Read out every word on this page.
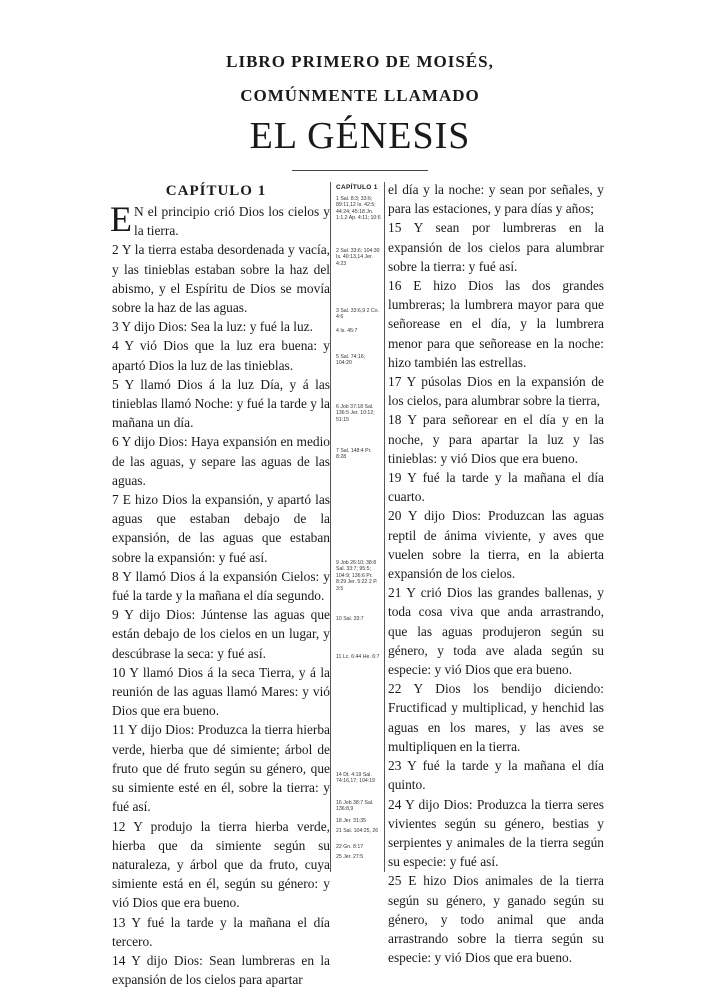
LIBRO PRIMERO DE MOISÉS,
COMÚNMENTE LLAMADO
EL GÉNESIS
CAPÍTULO 1

E N el principio crió Dios los cielos y la tierra.

2 Y la tierra estaba desordenada y vacía, y las tinieblas estaban sobre la haz del abismo, y el Espíritu de Dios se movía sobre la haz de las aguas.

3 Y dijo Dios: Sea la luz: y fué la luz.

4 Y vió Dios que la luz era buena: y apartó Dios la luz de las tinieblas.

5 Y llamó Dios á la luz Día, y á las tinieblas llamó Noche: y fué la tarde y la mañana un día.

6 Y dijo Dios: Haya expansión en medio de las aguas, y separe las aguas de las aguas.

7 E hizo Dios la expansión, y apartó las aguas que estaban debajo de la expansión, de las aguas que estaban sobre la expansión: y fué así.

8 Y llamó Dios á la expansión Cielos: y fué la tarde y la mañana el día segundo.

9 Y dijo Dios: Júntense las aguas que están debajo de los cielos en un lugar, y descúbrase la seca: y fué así.

10 Y llamó Dios á la seca Tierra, y á la reunión de las aguas llamó Mares: y vió Dios que era bueno.

11 Y dijo Dios: Produzca la tierra hierba verde, hierba que dé simiente; árbol de fruto que dé fruto según su género, que su simiente esté en él, sobre la tierra: y fué así.

12 Y produjo la tierra hierba verde, hierba que da simiente según su naturaleza, y árbol que da fruto, cuya simiente está en él, según su género: y vió Dios que era bueno.

13 Y fué la tarde y la mañana el día tercero.

14 Y dijo Dios: Sean lumbreras en la expansión de los cielos para apartar

CAPÍTULO 1
1 Sal. 8:3; 33:6; 89:11,12 Is. 42:5; 44:24; 45:18 Jn. 1:1,2 Ap. 4:11; 10:6
2 Sal. 33:6; 104:30 Is. 40:13,14 Jer. 4:23
3 Sal. 33:6,9 2 Co. 4:6
4 Is. 45:7
5 Sal. 74:16; 104:20
6 Job 37:18 Sal. 136:5 Jer. 10:12; 51:15
7 Sal. 148:4 Pr. 8:28
9 Job 26:10; 38:8 Sal. 33:7; 95:5; 104:9; 136:6 Pr. 8:29 Jer. 5:22 2 P. 3:5
10 Sal. 33:7
11 Lc. 6:44 He. 6:7
14 Dt. 4:19 Sal. 74:16,17; 104:19
16 Job 38:7 Sal. 136:8,9
18 Jer. 31:35
21 Sal. 104:25, 26
22 Gn. 8:17
25 Jer. 27:5

el día y la noche: y sean por señales, y para las estaciones, y para días y años;

15 Y sean por lumbreras en la expansión de los cielos para alumbrar sobre la tierra: y fué así.

16 E hizo Dios las dos grandes lumbreras; la lumbrera mayor para que señorease en el día, y la lumbrera menor para que señorease en la noche: hizo también las estrellas.

17 Y púsolas Dios en la expansión de los cielos, para alumbrar sobre la tierra,

18 Y para señorear en el día y en la noche, y para apartar la luz y las tinieblas: y vió Dios que era bueno.

19 Y fué la tarde y la mañana el día cuarto.

20 Y dijo Dios: Produzcan las aguas reptil de ánima viviente, y aves que vuelen sobre la tierra, en la abierta expansión de los cielos.

21 Y crió Dios las grandes ballenas, y toda cosa viva que anda arrastrando, que las aguas produjeron según su género, y toda ave alada según su especie: y vió Dios que era bueno.

22 Y Dios los bendijo diciendo: Fructificad y multiplicad, y henchid las aguas en los mares, y las aves se multipliquen en la tierra.

23 Y fué la tarde y la mañana el día quinto.

24 Y dijo Dios: Produzca la tierra seres vivientes según su género, bestias y serpientes y animales de la tierra según su especie: y fué así.

25 E hizo Dios animales de la tierra según su género, y ganado según su género, y todo animal que anda arrastrando sobre la tierra según su especie: y vió Dios que era bueno.
